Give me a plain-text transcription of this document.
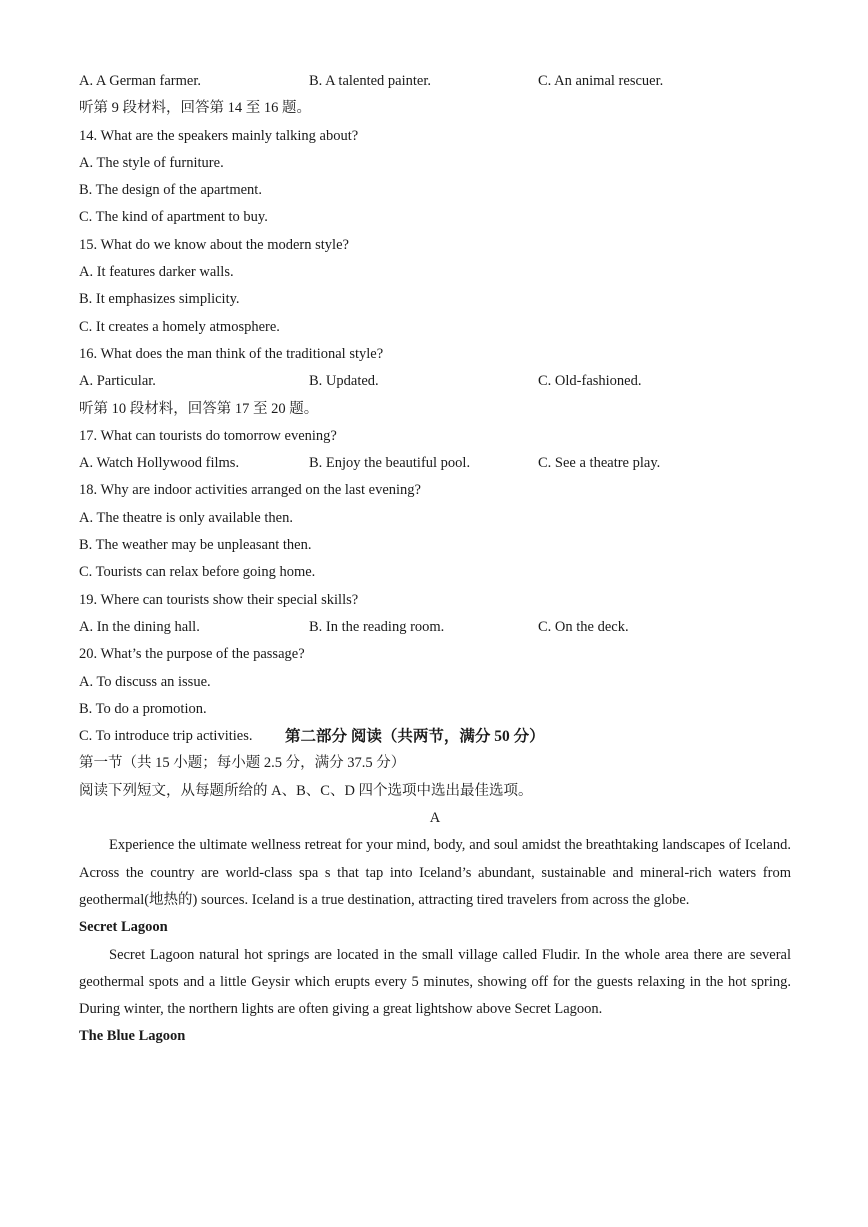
A. A German farmer.	B. A talented painter.	C. An animal rescuer.
听第 9 段材料，回答第 14 至 16 题。
14. What are the speakers mainly talking about?
A. The style of furniture.
B. The design of the apartment.
C. The kind of apartment to buy.
15. What do we know about the modern style?
A. It features darker walls.
B. It emphasizes simplicity.
C. It creates a homely atmosphere.
16. What does the man think of the traditional style?
A. Particular.	B. Updated.	C. Old-fashioned.
听第 10 段材料，回答第 17 至 20 题。
17. What can tourists do tomorrow evening?
A. Watch Hollywood films.	B. Enjoy the beautiful pool.	C. See a theatre play.
18. Why are indoor activities arranged on the last evening?
A. The theatre is only available then.
B. The weather may be unpleasant then.
C. Tourists can relax before going home.
19. Where can tourists show their special skills?
A. In the dining hall.	B. In the reading room.	C. On the deck.
20. What’s the purpose of the passage?
A. To discuss an issue.
B. To do a promotion.
C. To introduce trip activities. 第二部分 阅读（共两节，满分 50 分）
第一节（共 15 小题；每小题 2.5 分，满分 37.5 分）
阅读下列短文，从每题所给的 A、B、C、D 四个选项中选出最佳选项。
A

Experience the ultimate wellness retreat for your mind, body, and soul amidst the breathtaking landscapes of Iceland. Across the country are world-class spa s that tap into Iceland’s abundant, sustainable and mineral-rich waters from geothermal(地热的) sources. Iceland is a true destination, attracting tired travelers from across the globe.

Secret Lagoon

Secret Lagoon natural hot springs are located in the small village called Fludir. In the whole area there are several geothermal spots and a little Geysir which erupts every 5 minutes, showing off for the guests relaxing in the hot spring. During winter, the northern lights are often giving a great lightshow above Secret Lagoon.

The Blue Lagoon
